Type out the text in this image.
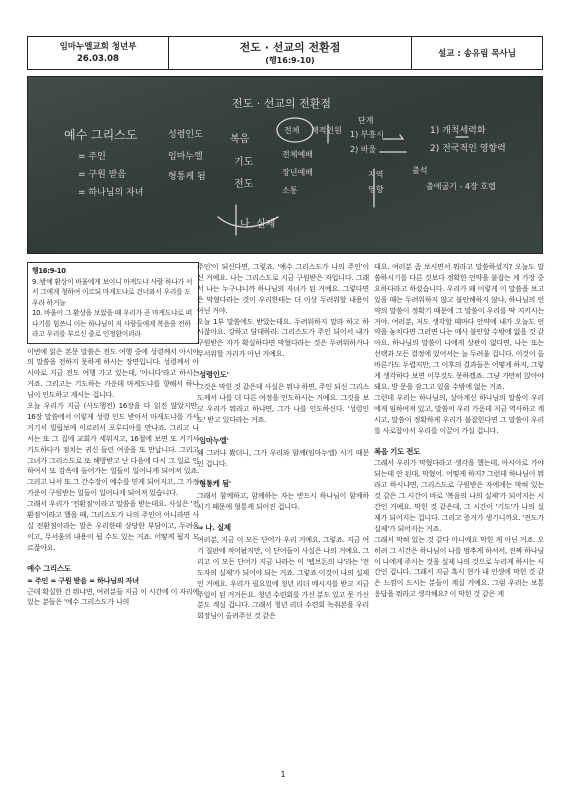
임마누엘교회 청년부
26.03.08
전도 · 선교의 전환점
(행16:9-10)
설교 : 송유림 목사님
전도 · 선교의 전환점
예수 그리스도
= 주인
= 구원 받음
= 하나님의 자녀
성령인도
임마누엘
형통케 됨
복음
기도
전도
나. 실제
전체 재적인원
전체예배
장년예배
소통
단계
1) 부흥시
2) 바울
지역
영향
출석
1) 개척세력화
2) 전국적인 영향력
출애굽기 - 4장 호렙
행16:9-10
9. 밤에 환상이 바울에게 보이니 마게도냐 사람 하나가 서서 그에게 청하여 이르되 마게도냐로 건너와서 우리를 도우라 하거늘
10. 바울이 그 환상을 보았을 때 우리가 곧 마게도냐로 떠나기를 힘쓰니 이는 하나님이 저 사람들에게 복음을 전하라고 우리를 부르신 줄로 인정함이러라

이번에 읽은 본문 말씀은 전도 여행 중에 성령께서 아시아의 말씀을 전하지 못하게 하시는 장면입니다. 성령께서 아시아로 지금 전도 여행 가고 있는데, '아니다'라고 하시는 거죠. 그리고는 기도하는 가운데 마게도냐를 향해서 하나님이 인도하고 계시는 겁니다.

오늘 우리가 지금 (사도행전) 16장을 다 읽진 않았지만, 16장 말씀에서 이렇게 성령 인도 받아서 마게도냐를 가서 거기서 빌립보에 이르러서 포루디아를 만나죠. 그리고 나서는 또 그 집에 교회가 세워지고, 16절에 보면 또 거기서 기도하다가 점치는 귀신 들린 여종을 또 만납니다. 그리고 그녀가 그리스도로 또 해방받고 난 다음에 다시 그 일로 인하여서 또 감옥에 들어가는 일들이 일어나게 되어져 있죠. 그리고 나서 또 그 간수장이 예수를 믿게 되어지고, 그 가정 가운이 구원받는 일들이 일어나게 되어져 있습니다.

그래서 우리가 '전환점'이라고 말씀을 받는데요. 사실은 '전환점'이라고 했을 때, 그리스도가 나의 주인이 아니라면 사실 전환점이라는 말은 우리한테 상당한 부담이고, 두려움이고, 무서움의 내용이 될 수도 있는 거죠. 어떻게 될지 모르잖아요.

예수 그리스도
= 주인 = 구원 받음 = 하나님의 자녀

근데 확실한 건 뭐냐면, 여러분들 지금 이 시간에 이 자리에 있는 분들은 '예수 그리스도가 나의

주인'이 되신다면, 그렇죠. '예수 그리스도가 나의 주인'이신 거예요. 나는 그리스도로 지금 구원받은 자입니다. 그래서 나는 누구냐니까 하나님의 자녀가 된 거예요. 그렇다면은 막혔다라는 것이 우리한테는 더 이상 두려워할 내용이 아닌 거야.

오늘 1부 말씀에도 받았는데요. 두려워하지 말라 하고 하시잖아요. 강하고 담대하라. 그리스도가 주인 되어서 내가 구원받은 자가 확실하다면 막혔다라는 것은 두려워하거나 무서워할 거리가 아닌 거예요.

'성령인도'

그것은 막힌 것 같은데 사실은 뭐냐 하면, 주인 되신 그리스도께서 나를 더 다른 여정을 인도하시는 거예요. 그것을 보고 우리가 뭐라고 하냐면, 그가 나를 인도하신다. '성령인도' 받고 있다라는 거죠.

'임마누엘'

왜 그러냐 봤더니, 그가 우리와 함께(임마누엘) 시기 때문인 겁니다.

'형통케 됨'

그래서 함께하고, 함께하는 자는 반드시 하나님이 함께하시기 때문에 형통케 되어진 겁니다.

⇒ 나. 실제

여러분, 지금 이 모든 단어가 우리 거예요. 그렇죠. 지금 여기 칠판에 적어놨지만, 이 단어들이 사실은 나의 거예요. 그리고 이 모든 단어가 지금 나라는 이 '펩브돈의 나'라는 '전도자의 실제'가 되어야 되는 거죠. 그렇죠 이것이 나의 실제인 거예요. 우리가 필요있에 청년 리더 메시지를 받고 지금 주일이 된 거거든요. 청년 수련회를 가신 분도 있고 못 가신 분도 계실 겁니다. 그래서 청년 리더 수련회 녹취본을 우리 회장님이 올려주신 것 같은

데요. 여러분 좀 보시면서 뭐라고 말씀하셨지? 오늘도 말씀하시기를 다른 것보다 정확한 언약을 붙잡는 게 가장 중요하다라고 하셨습니다. 우리가 왜 이렇게 이 말씀을 보고 있을 때는 두려워하지 않고 불안해하지 않냐, 하나님의 언약의 말씀이 정확기 때문에 그 말씀이 우리를 딱 지키시는 거야. 여러분, 저도 생각할 때마다 안약에 내가 오늘도 언약을 놓치다면 그러면 나는 매사 불안할 수밖에 없을 것 같아요. 하나님의 말씀이 나에게 상관이 없다면, 나는 또는 선택과 모든 결정에 있어서는 늘 두려울 겁니다. 이것이 올바른가도 두렵지만, 그 이후의 결과들은 어떻게 하지, 그렇게 생각하다 보면 이무것도 못하겠죠. 그냥 가만히 앉아야 돼요. 방 문을 잠그고 있을 수밖에 없는 거죠.

그런데 우리는 하나님의, 살아계신 하나님의 말씀이 우리에게 임하여져 있고, 말씀이 우리 가운데 지금 역사하고 계시고, 말씀이 정확하게 우리가 불잡힌다면 그 말씀이 우리를 사로잡아서 우리를 이끌어 가실 겁니다.

복음 기도 전도

그래서 우리가 막혔다라고 생각을 했는데, 아시아로 가야 되는데 안 된대, 막혔어. 어떻게 하지? 그런데 하나님이 뭐라고 하시냐면, 그리스도로 구원받은 자에게는 막혀 있는 것 같은 그 시간이 바로 '복음의 나의 실제'가 되어지는 시간인 거예요. 막힌 것 같은데, 그 시간이 '기도'가 나의 실제가 되어지는 겁니다. 그리고 증거가 생기니까요. '전도가 실제'가 되어지는 거죠.

그래서 막혀 있는 것 같다 아니에요 막힌 게 아닌 거죠. 오히려 그 시간은 하나님이 나를 멈추게 하셔서, 진짜 하나님이 나에게 주시는 것을 실제 나의 것으로 누리게 하시는 시간인 겁니다. 그래서 지금 혹시 현가 내 인생에 막힌 것 같은 느낌이 드시는 분들이 계실 거예요. 그럼 우리는 보통 응답을 뭐라고 생각해요? 이 막힌 것 같은 게

1
